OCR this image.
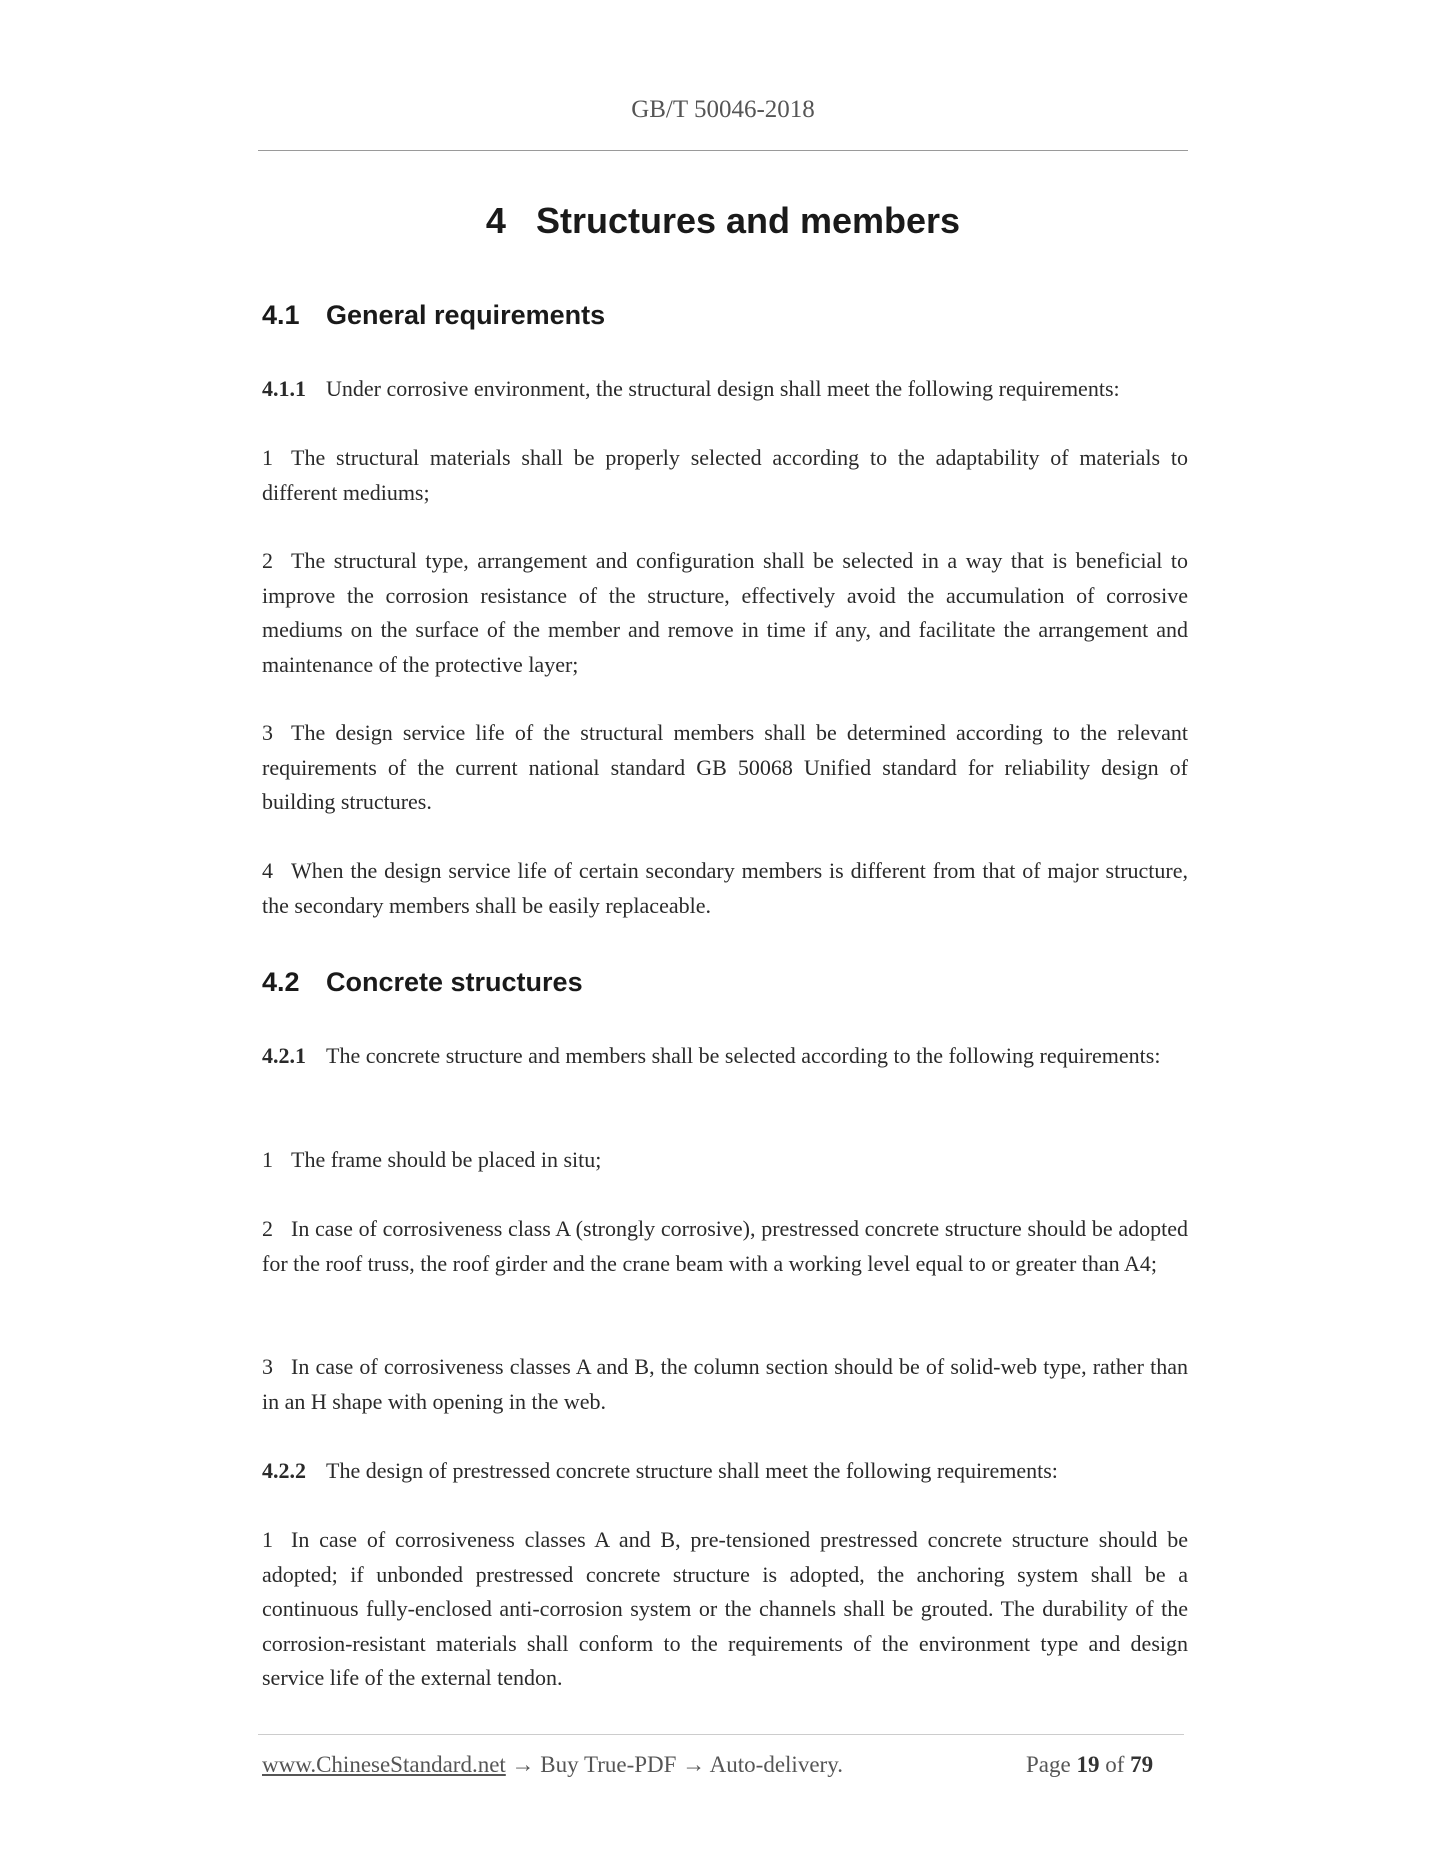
GB/T 50046-2018
4 Structures and members
4.1 General requirements
4.1.1 Under corrosive environment, the structural design shall meet the following requirements:
1 The structural materials shall be properly selected according to the adaptability of materials to different mediums;
2 The structural type, arrangement and configuration shall be selected in a way that is beneficial to improve the corrosion resistance of the structure, effectively avoid the accumulation of corrosive mediums on the surface of the member and remove in time if any, and facilitate the arrangement and maintenance of the protective layer;
3 The design service life of the structural members shall be determined according to the relevant requirements of the current national standard GB 50068 Unified standard for reliability design of building structures.
4 When the design service life of certain secondary members is different from that of major structure, the secondary members shall be easily replaceable.
4.2 Concrete structures
4.2.1 The concrete structure and members shall be selected according to the following requirements:
1 The frame should be placed in situ;
2 In case of corrosiveness class A (strongly corrosive), prestressed concrete structure should be adopted for the roof truss, the roof girder and the crane beam with a working level equal to or greater than A4;
3 In case of corrosiveness classes A and B, the column section should be of solid-web type, rather than in an H shape with opening in the web.
4.2.2 The design of prestressed concrete structure shall meet the following requirements:
1 In case of corrosiveness classes A and B, pre-tensioned prestressed concrete structure should be adopted; if unbonded prestressed concrete structure is adopted, the anchoring system shall be a continuous fully-enclosed anti-corrosion system or the channels shall be grouted. The durability of the corrosion-resistant materials shall conform to the requirements of the environment type and design service life of the external tendon.
www.ChineseStandard.net → Buy True-PDF → Auto-delivery.	Page 19 of 79
